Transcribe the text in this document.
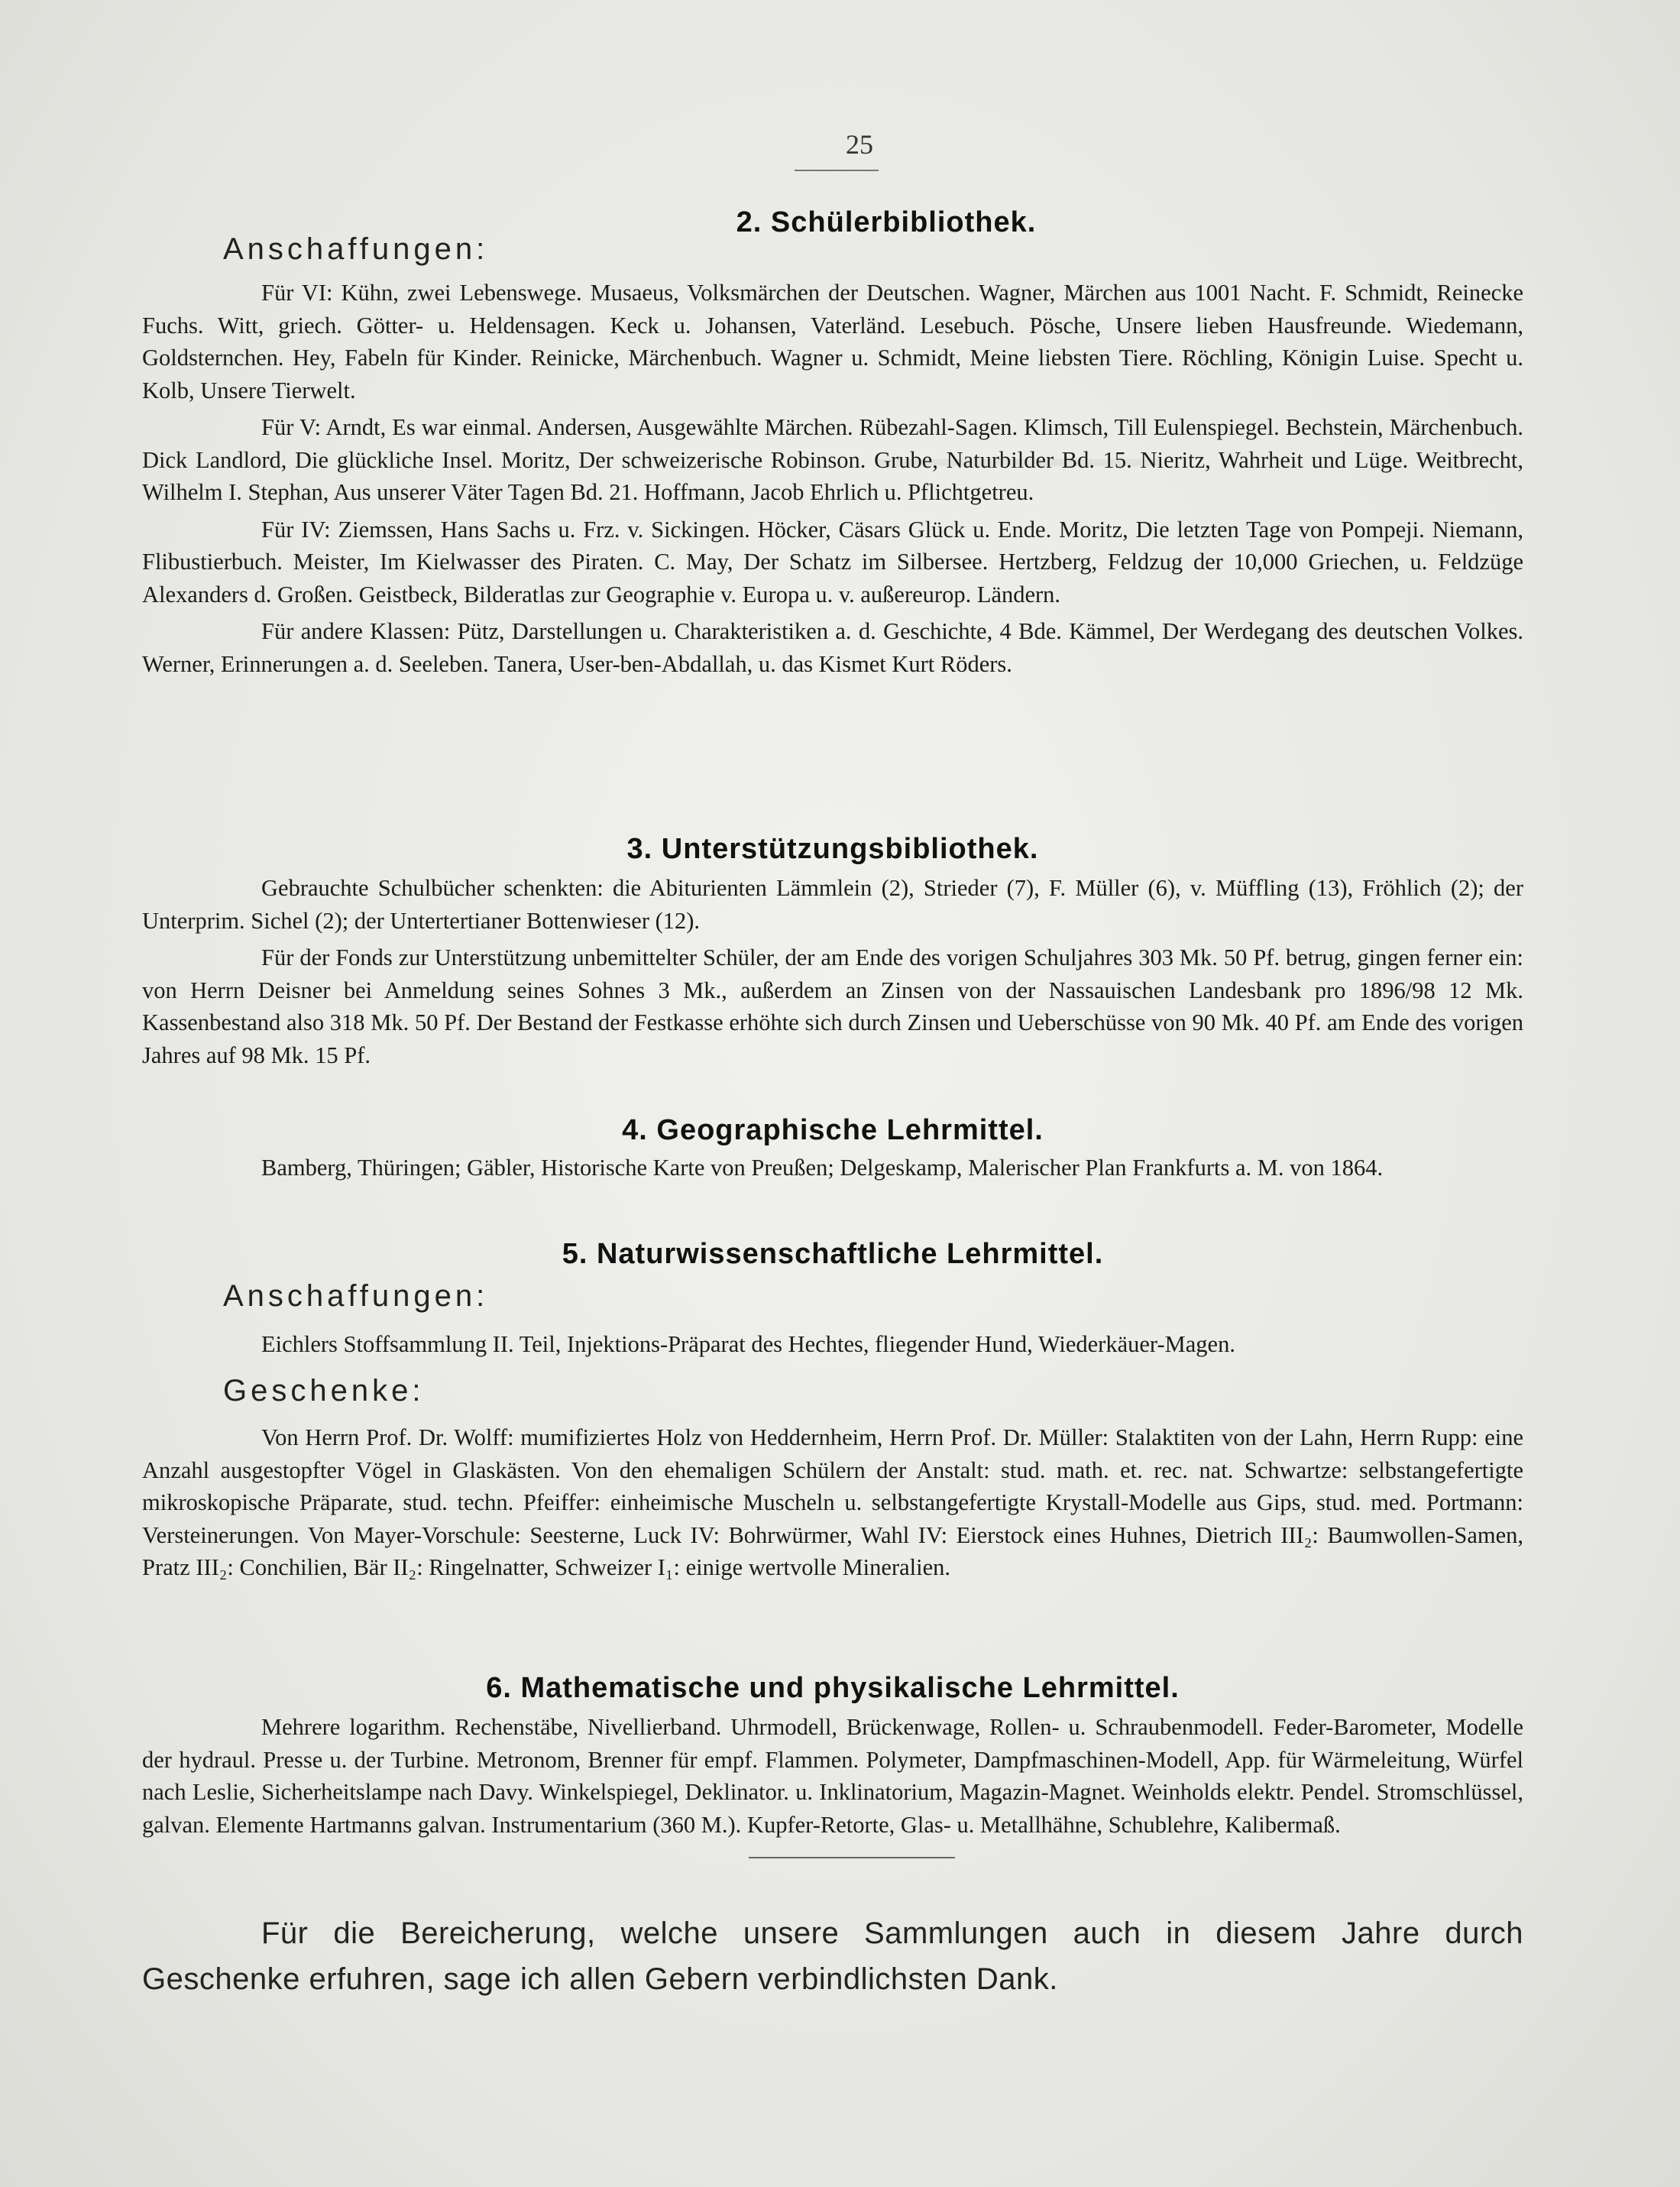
25
2. Schülerbibliothek.
Anschaffungen:
Für VI: Kühn, zwei Lebenswege. Musaeus, Volksmärchen der Deutschen. Wagner, Märchen aus 1001 Nacht. F. Schmidt, Reinecke Fuchs. Witt, griech. Götter- u. Heldensagen. Keck u. Johansen, Vaterländ. Lesebuch. Pösche, Unsere lieben Hausfreunde. Wiedemann, Goldsternchen. Hey, Fabeln für Kinder. Reinicke, Märchenbuch. Wagner u. Schmidt, Meine liebsten Tiere. Röchling, Königin Luise. Specht u. Kolb, Unsere Tierwelt.
Für V: Arndt, Es war einmal. Andersen, Ausgewählte Märchen. Rübezahl-Sagen. Klimsch, Till Eulenspiegel. Bechstein, Märchenbuch. Dick Landlord, Die glückliche Insel. Moritz, Der schweizerische Robinson. Grube, Naturbilder Bd. 15. Nieritz, Wahrheit und Lüge. Weitbrecht, Wilhelm I. Stephan, Aus unserer Väter Tagen Bd. 21. Hoffmann, Jacob Ehrlich u. Pflichtgetreu.
Für IV: Ziemssen, Hans Sachs u. Frz. v. Sickingen. Höcker, Cäsars Glück u. Ende. Moritz, Die letzten Tage von Pompeji. Niemann, Flibustierbuch. Meister, Im Kielwasser des Piraten. C. May, Der Schatz im Silbersee. Hertzberg, Feldzug der 10,000 Griechen, u. Feldzüge Alexanders d. Großen. Geistbeck, Bilderatlas zur Geographie v. Europa u. v. außereurop. Ländern.
Für andere Klassen: Pütz, Darstellungen u. Charakteristiken a. d. Geschichte, 4 Bde. Kämmel, Der Werdegang des deutschen Volkes. Werner, Erinnerungen a. d. Seeleben. Tanera, User-ben-Abdallah, u. das Kismet Kurt Röders.
3. Unterstützungsbibliothek.
Gebrauchte Schulbücher schenkten: die Abiturienten Lämmlein (2), Strieder (7), F. Müller (6), v. Müffling (13), Fröhlich (2); der Unterprim. Sichel (2); der Untertertianer Bottenwieser (12).
Für der Fonds zur Unterstützung unbemittelter Schüler, der am Ende des vorigen Schuljahres 303 Mk. 50 Pf. betrug, gingen ferner ein: von Herrn Deisner bei Anmeldung seines Sohnes 3 Mk., außerdem an Zinsen von der Nassauischen Landesbank pro 1896/98 12 Mk. Kassenbestand also 318 Mk. 50 Pf. Der Bestand der Festkasse erhöhte sich durch Zinsen und Ueberschüsse von 90 Mk. 40 Pf. am Ende des vorigen Jahres auf 98 Mk. 15 Pf.
4. Geographische Lehrmittel.
Bamberg, Thüringen; Gäbler, Historische Karte von Preußen; Delgeskamp, Malerischer Plan Frankfurts a. M. von 1864.
5. Naturwissenschaftliche Lehrmittel.
Anschaffungen:
Eichlers Stoffsammlung II. Teil, Injektions-Präparat des Hechtes, fliegender Hund, Wiederkäuer-Magen.
Geschenke:
Von Herrn Prof. Dr. Wolff: mumifiziertes Holz von Heddernheim, Herrn Prof. Dr. Müller: Stalaktiten von der Lahn, Herrn Rupp: eine Anzahl ausgestopfter Vögel in Glaskästen. Von den ehemaligen Schülern der Anstalt: stud. math. et. rec. nat. Schwartze: selbstangefertigte mikroskopische Präparate, stud. techn. Pfeiffer: einheimische Muscheln u. selbstangefertigte Krystall-Modelle aus Gips, stud. med. Portmann: Versteinerungen. Von Mayer-Vorschule: Seesterne, Luck IV: Bohrwürmer, Wahl IV: Eierstock eines Huhnes, Dietrich III₂: Baumwollen-Samen, Pratz III₂: Conchilien, Bär II₂: Ringelnatter, Schweizer I₁: einige wertvolle Mineralien.
6. Mathematische und physikalische Lehrmittel.
Mehrere logarithm. Rechenstäbe, Nivellierband. Uhrmodell, Brückenwage, Rollen- u. Schraubenmodell. Feder-Barometer, Modelle der hydraul. Presse u. der Turbine. Metronom, Brenner für empf. Flammen. Polymeter, Dampfmaschinen-Modell, App. für Wärmeleitung, Würfel nach Leslie, Sicherheitslampe nach Davy. Winkelspiegel, Deklinator. u. Inklinatorium, Magazin-Magnet. Weinholds elektr. Pendel. Stromschlüssel, galvan. Elemente Hartmanns galvan. Instrumentarium (360 M.). Kupfer-Retorte, Glas- u. Metallhähne, Schublehre, Kalibermaß.
Für die Bereicherung, welche unsere Sammlungen auch in diesem Jahre durch Geschenke erfuhren, sage ich allen Gebern verbindlichsten Dank.
